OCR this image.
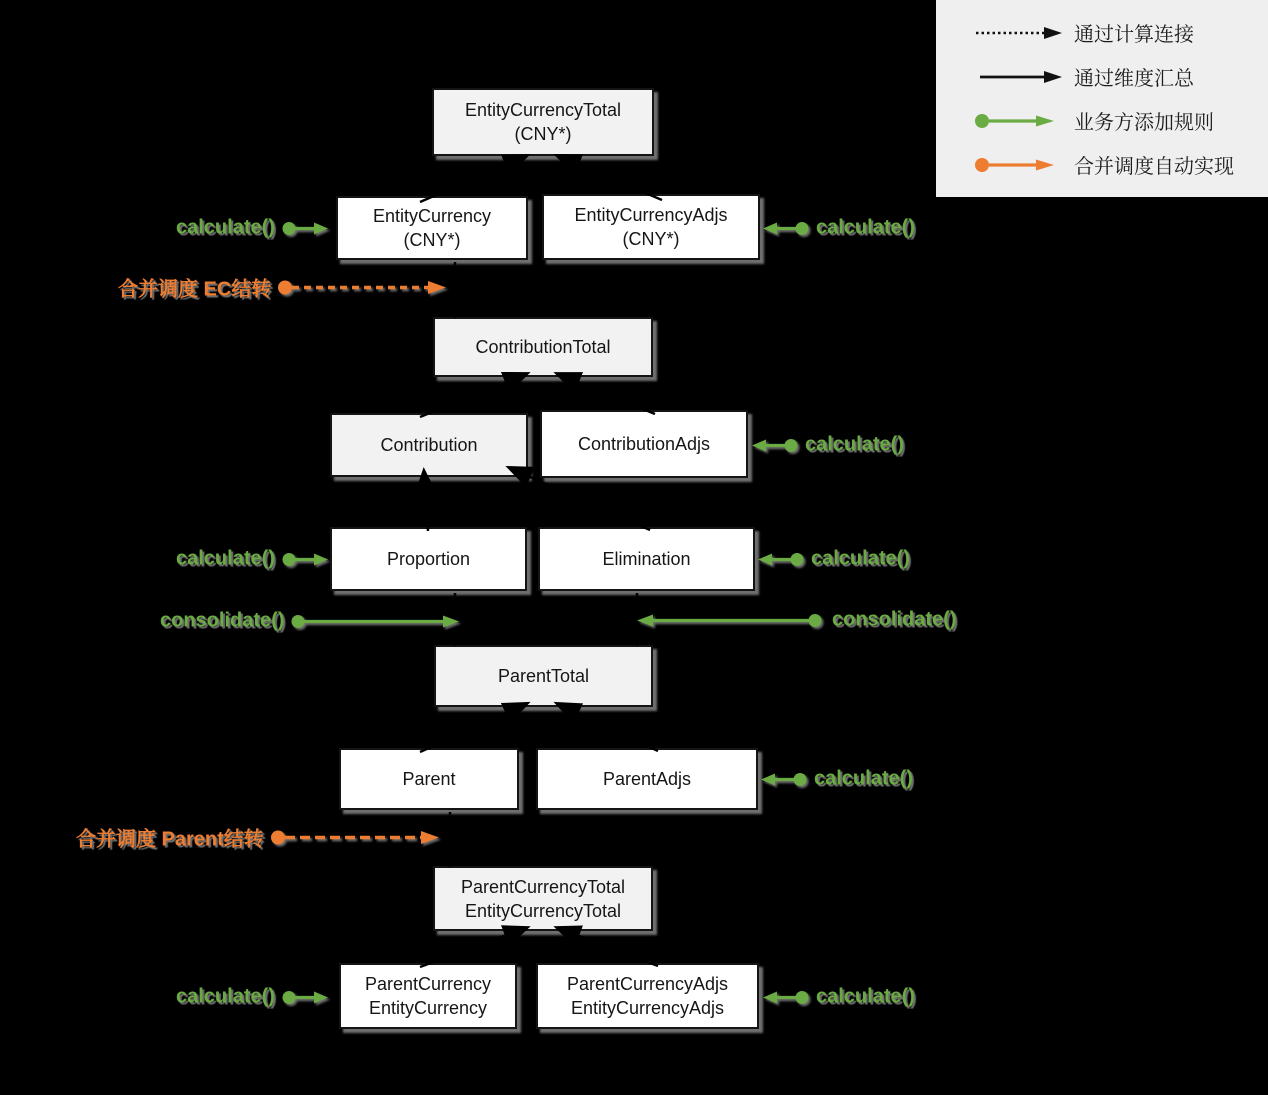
EntityCurrencyTotal
(CNY*)
EntityCurrency
(CNY*)
EntityCurrencyAdjs
(CNY*)
ContributionTotal
Contribution	ContributionAdjs
Proportion	Elimination
ParentTotal
Parent	ParentAdjs
ParentCurrencyTotal
EntityCurrencyTotal
ParentCurrency
EntityCurrency
ParentCurrencyAdjs
EntityCurrencyAdjs
calculate()	calculate()
合并调度 EC结转
calculate()
calculate()	calculate()
consolidate()	consolidate()
calculate()
合并调度 Parent结转
calculate()	calculate()
通过计算连接
通过维度汇总
业务方添加规则
合并调度自动实现
